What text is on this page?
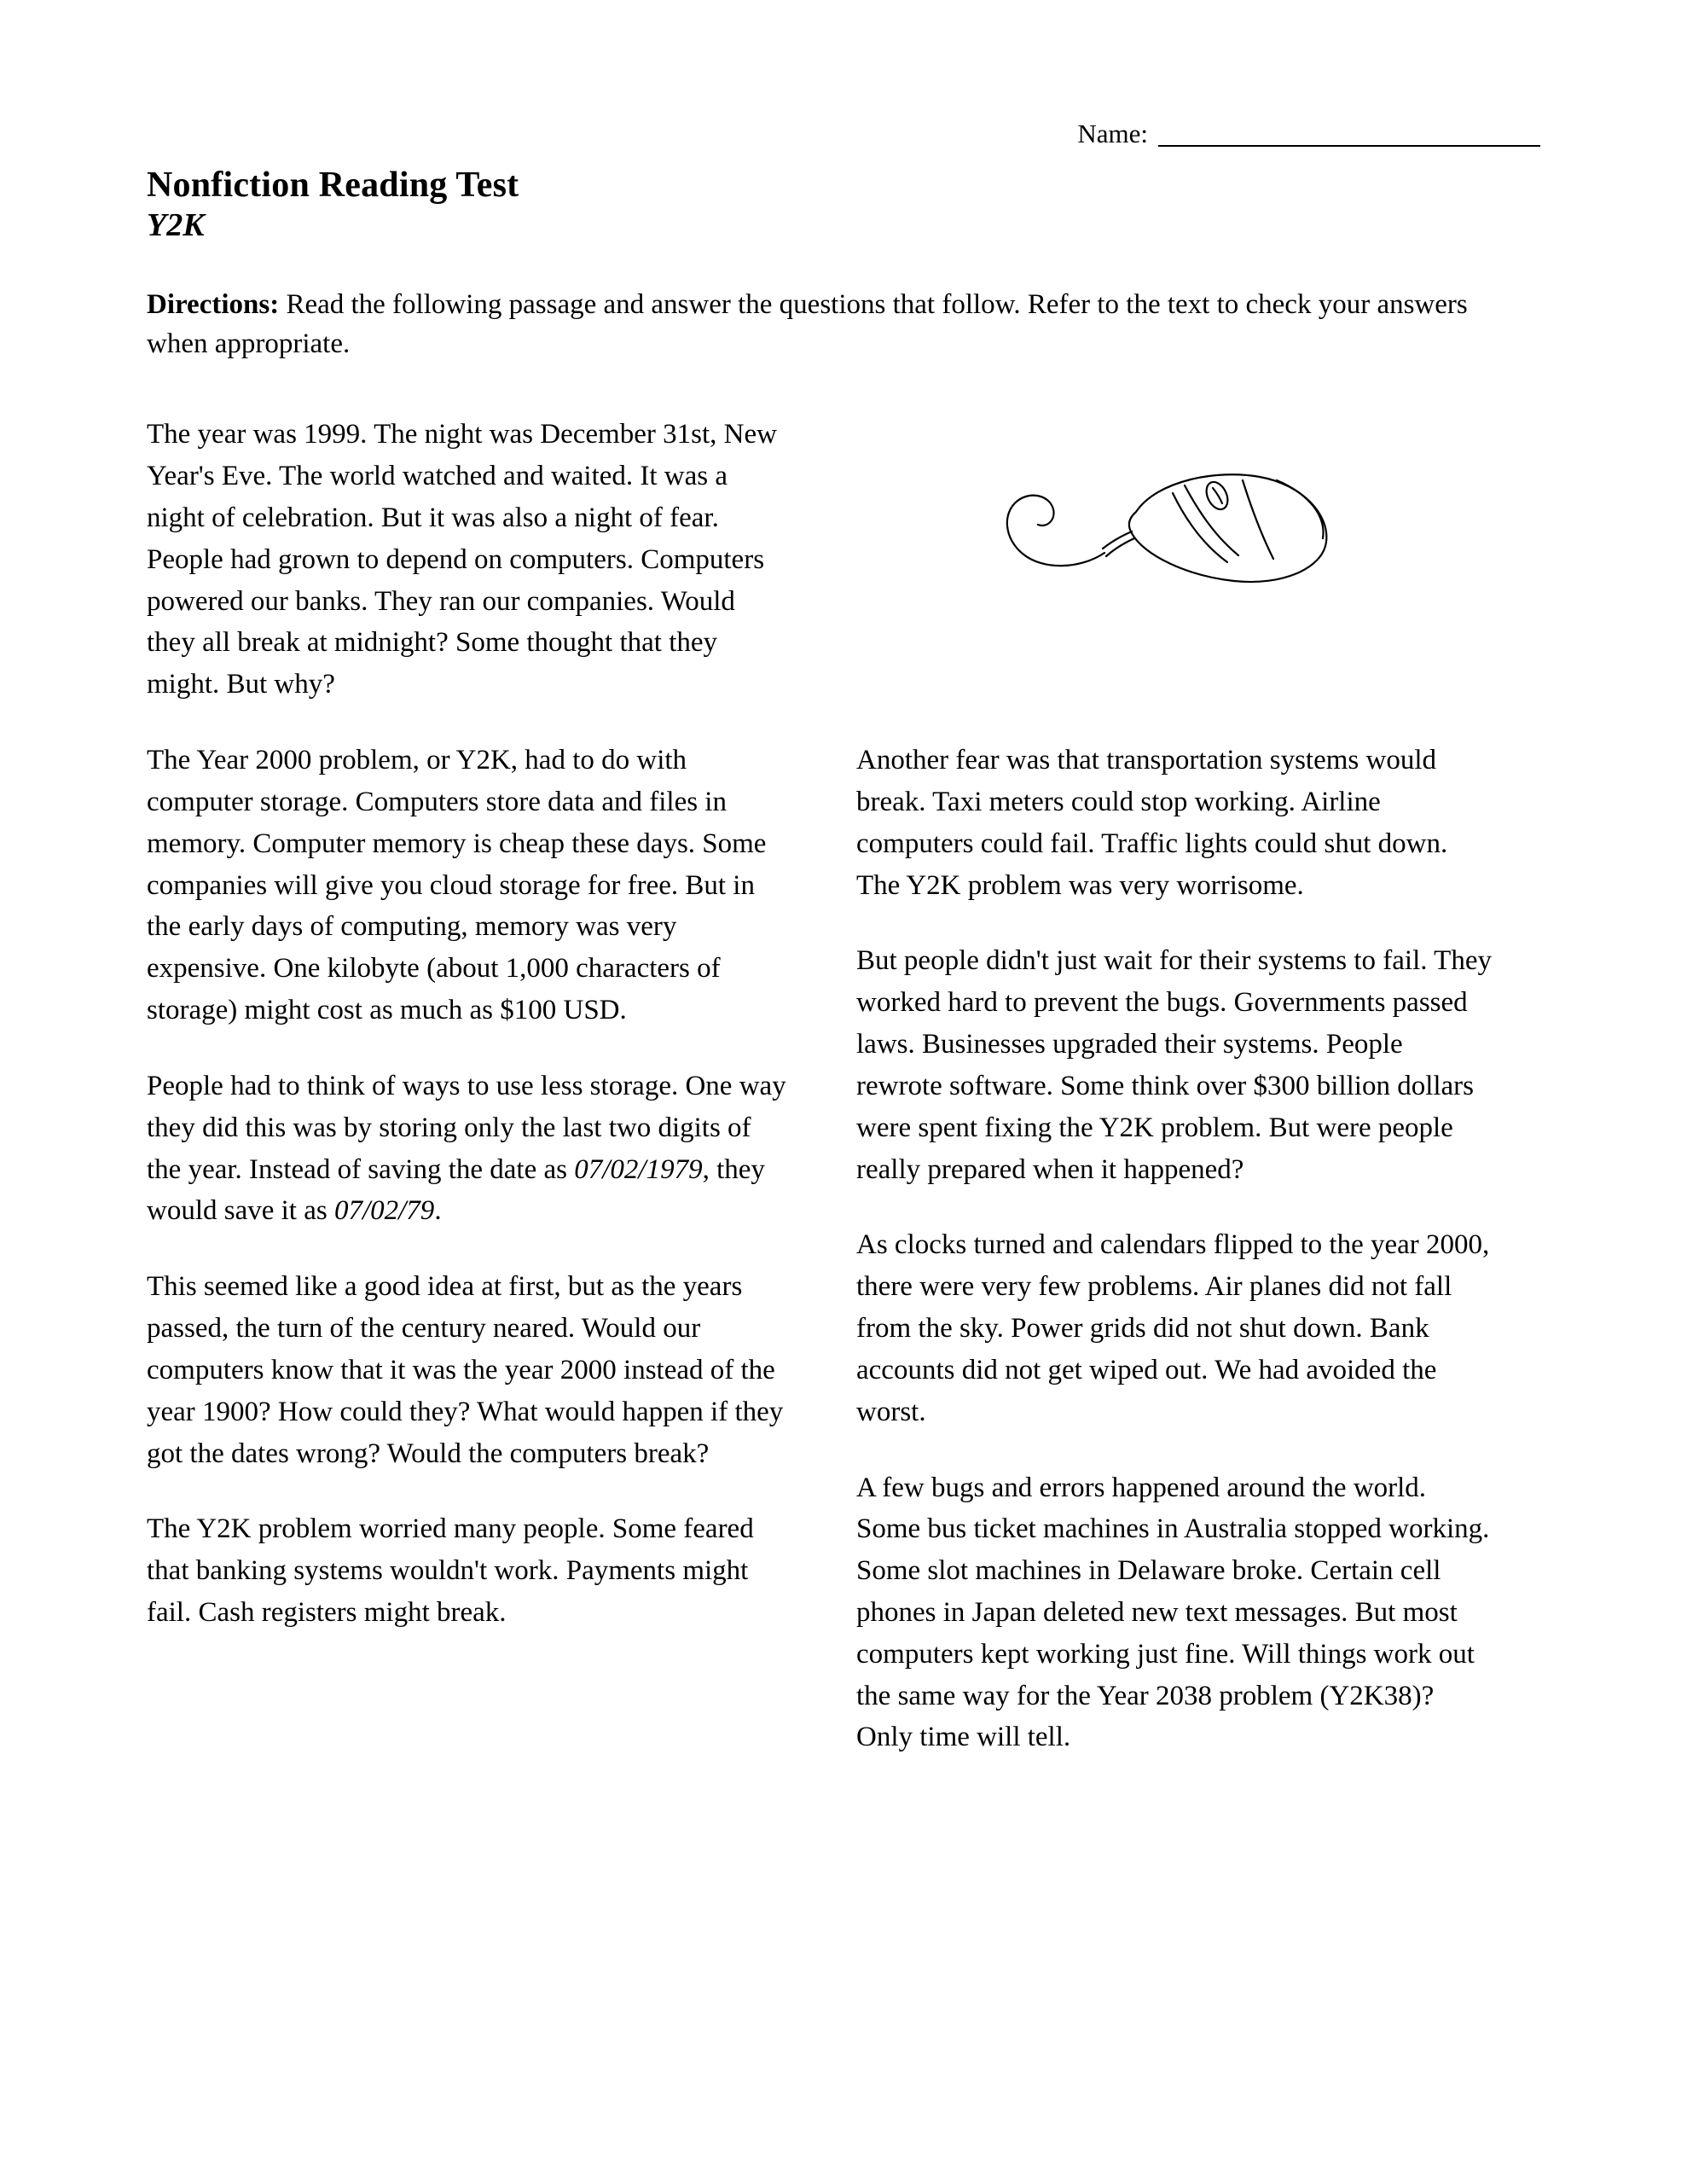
Name:
Nonfiction Reading Test
Y2K
Directions: Read the following passage and answer the questions that follow. Refer to the text to check your answers when appropriate.

The year was 1999. The night was December 31st, New Year's Eve. The world watched and waited. It was a night of celebration. But it was also a night of fear. People had grown to depend on computers. Computers powered our banks. They ran our companies. Would they all break at midnight? Some thought that they might. But why?

The Year 2000 problem, or Y2K, had to do with computer storage. Computers store data and files in memory. Computer memory is cheap these days. Some companies will give you cloud storage for free. But in the early days of computing, memory was very expensive. One kilobyte (about 1,000 characters of storage) might cost as much as $100 USD.

People had to think of ways to use less storage. One way they did this was by storing only the last two digits of the year. Instead of saving the date as 07/02/1979, they would save it as 07/02/79.

This seemed like a good idea at first, but as the years passed, the turn of the century neared. Would our computers know that it was the year 2000 instead of the year 1900? How could they? What would happen if they got the dates wrong? Would the computers break?

The Y2K problem worried many people. Some feared that banking systems wouldn't work. Payments might fail. Cash registers might break.

Another fear was that transportation systems would break. Taxi meters could stop working. Airline computers could fail. Traffic lights could shut down. The Y2K problem was very worrisome.

But people didn't just wait for their systems to fail. They worked hard to prevent the bugs. Governments passed laws. Businesses upgraded their systems. People rewrote software. Some think over $300 billion dollars were spent fixing the Y2K problem. But were people really prepared when it happened?

As clocks turned and calendars flipped to the year 2000, there were very few problems. Air planes did not fall from the sky. Power grids did not shut down. Bank accounts did not get wiped out. We had avoided the worst.

A few bugs and errors happened around the world. Some bus ticket machines in Australia stopped working. Some slot machines in Delaware broke. Certain cell phones in Japan deleted new text messages. But most computers kept working just fine. Will things work out the same way for the Year 2038 problem (Y2K38)? Only time will tell.
